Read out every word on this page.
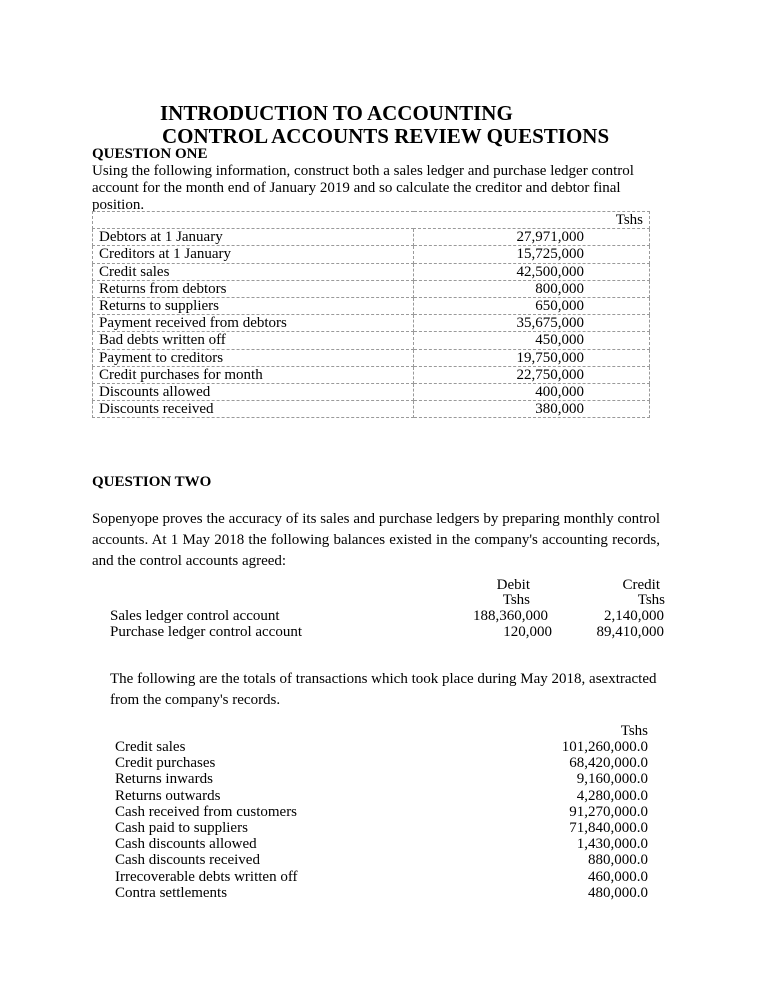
INTRODUCTION TO ACCOUNTING
CONTROL ACCOUNTS REVIEW QUESTIONS
QUESTION ONE
Using the following information, construct both a sales ledger and purchase ledger control
account for the month end of January 2019 and so calculate the creditor and debtor final
position.
Tshs	
Debtors at 1 January	27,971,000
Creditors at 1 January	15,725,000
Credit sales	42,500,000
Returns from debtors	800,000
Returns to suppliers	650,000
Payment received from debtors	35,675,000
Bad debts written off	450,000
Payment to creditors	19,750,000
Credit purchases for month	22,750,000
Discounts allowed	400,000
Discounts received	380,000
QUESTION TWO
Sopenyope proves the accuracy of its sales and purchase ledgers by preparing monthly control accounts. At 1 May 2018 the following balances existed in the company's accounting records, and the control accounts agreed:
Debit	Credit
Tshs	Tshs
Sales ledger control account	188,360,000	2,140,000
Purchase ledger control account	120,000	89,410,000
The following are the totals of transactions which took place during May 2018, asextracted
from the company's records.
Tshs
Credit sales	101,260,000.0
Credit purchases	68,420,000.0
Returns inwards	9,160,000.0
Returns outwards	4,280,000.0
Cash received from customers	91,270,000.0
Cash paid to suppliers	71,840,000.0
Cash discounts allowed	1,430,000.0
Cash discounts received	880,000.0
Irrecoverable debts written off	460,000.0
Contra settlements	480,000.0
